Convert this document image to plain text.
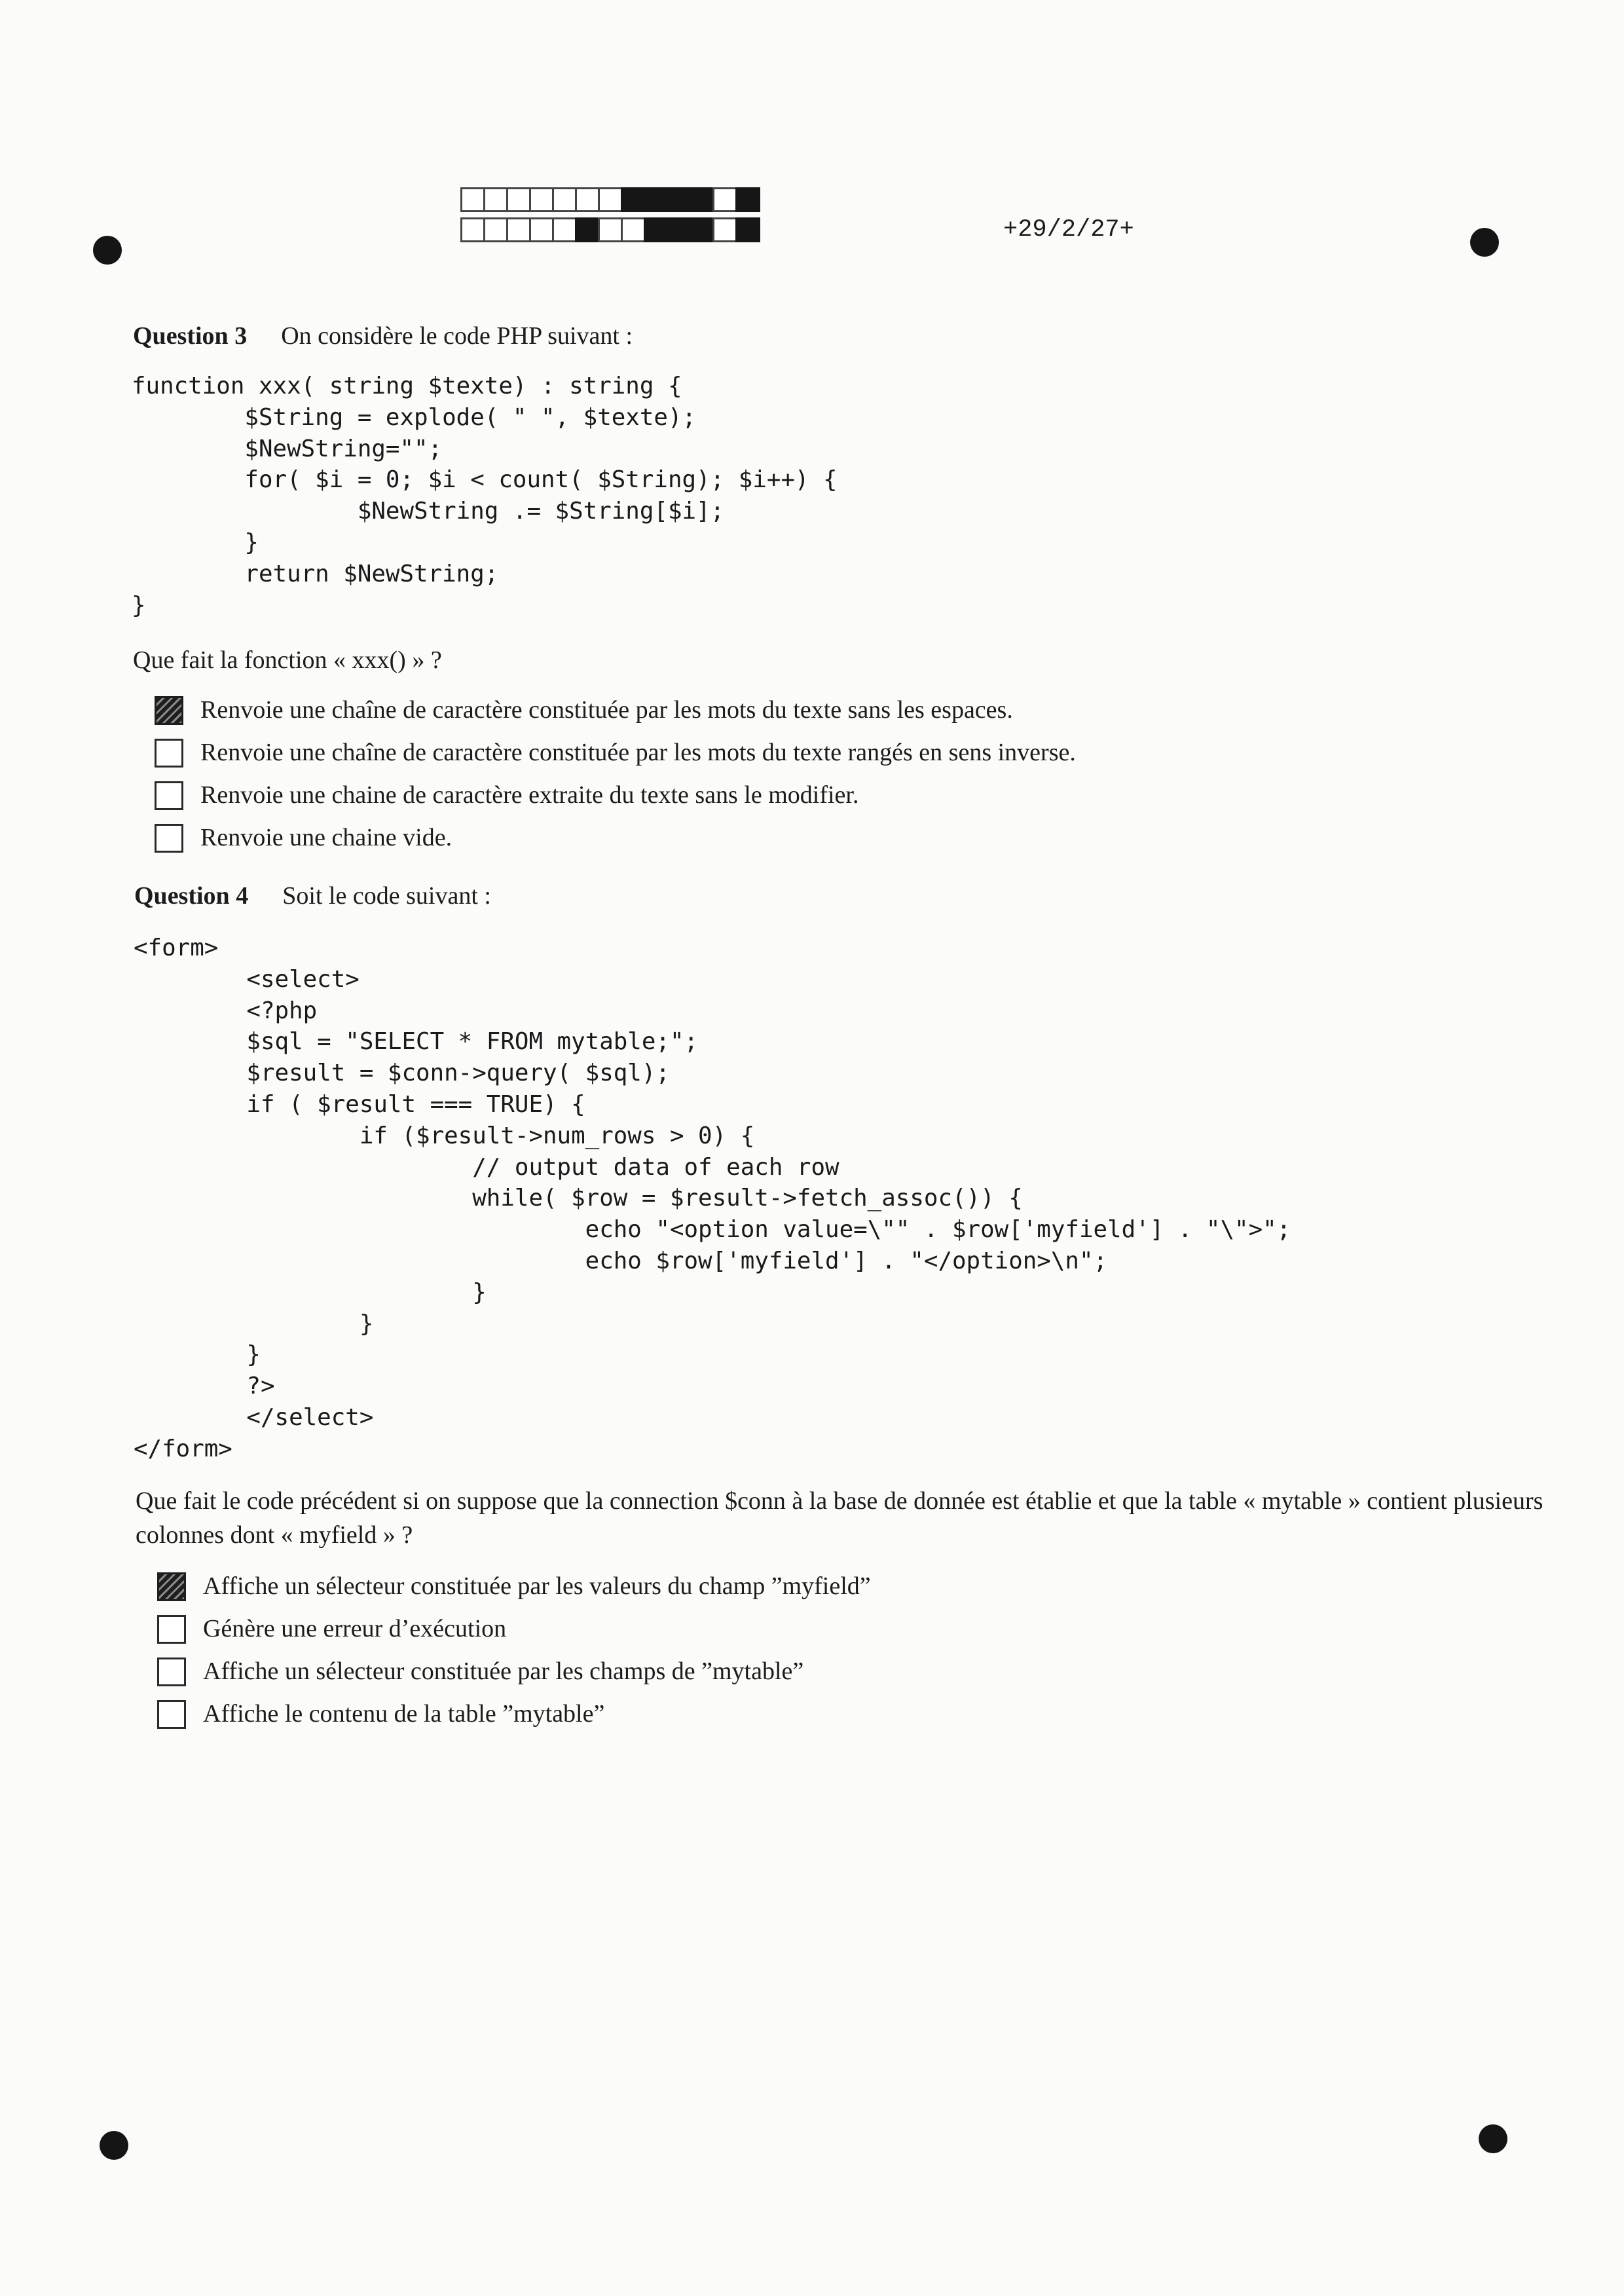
+29/2/27+
Question 3 On considère le code PHP suivant :
function xxx( string $texte) : string {
$String = explode( " ", $texte);
$NewString="";
for( $i = 0; $i < count( $String); $i++) {
$NewString .= $String[$i];
}
return $NewString;
}
Que fait la fonction « xxx() » ?
Renvoie une chaîne de caractère constituée par les mots du texte sans les espaces.
Renvoie une chaîne de caractère constituée par les mots du texte rangés en sens inverse.
Renvoie une chaine de caractère extraite du texte sans le modifier.
Renvoie une chaine vide.
Question 4 Soit le code suivant :
<form>
<select>
<?php
$sql = "SELECT * FROM mytable;";
$result = $conn->query( $sql);
if ( $result === TRUE) {
if ($result->num_rows > 0) {
// output data of each row
while( $row = $result->fetch_assoc()) {
echo "<option value=\"" . $row['myfield'] . "\">";
echo $row['myfield'] . "</option>\n";
}
}
}
?>
</select>
</form>
Que fait le code précédent si on suppose que la connection $conn à la base de donnée est établie et que la table « mytable » contient plusieurs colonnes dont « myfield » ?
Affiche un sélecteur constituée par les valeurs du champ ”myfield”
Génère une erreur d’exécution
Affiche un sélecteur constituée par les champs de ”mytable”
Affiche le contenu de la table ”mytable”
